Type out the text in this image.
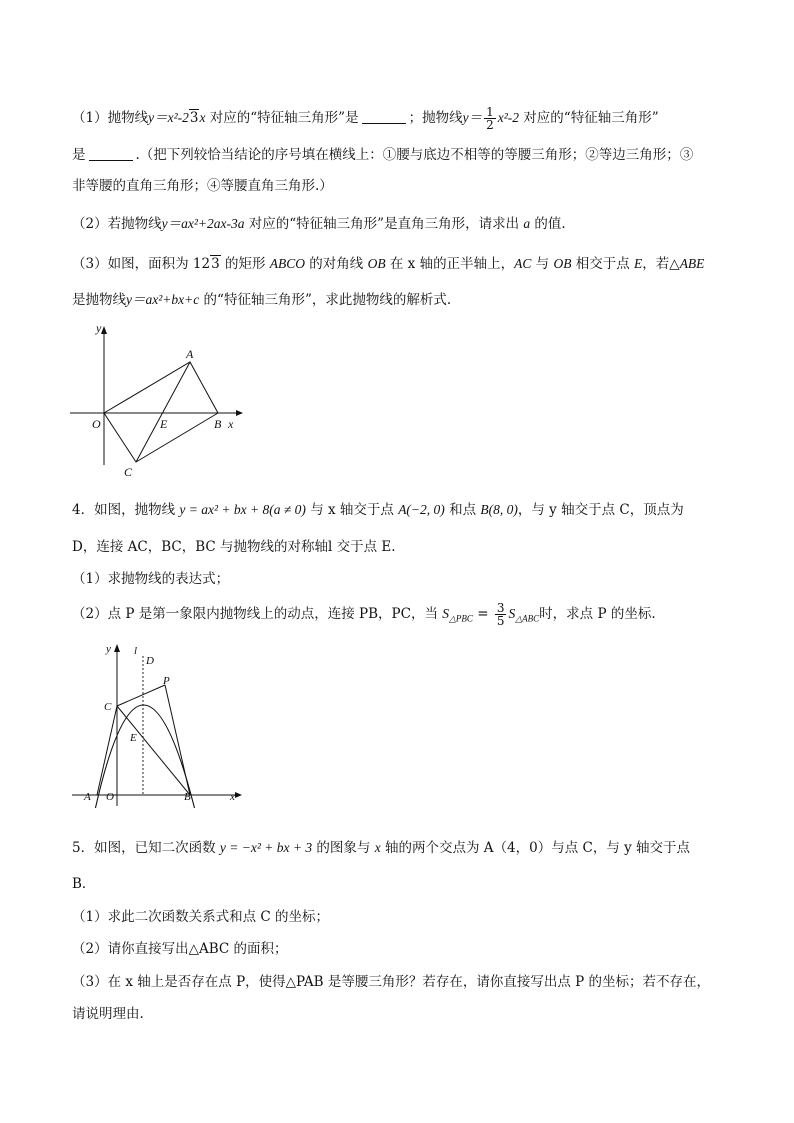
（1）抛物线y＝x²-23x 对应的“特征轴三角形”是	；抛物线$y= \frac{1}{2} x^2-2$ 对应的“特征轴三角形”
是	.（把下列较恰当结论的序号填在横线上：①腰与底边不相等的等腰三角形；②等边三角形；③
非等腰的直角三角形；④等腰直角三角形.）
（2）若抛物线y＝ax²+2ax-3a 对应的“特征轴三角形”是直角三角形，请求出 a 的值.
（3）如图，面积为 123 的矩形 ABCO 的对角线 OB 在 x 轴的正半轴上，AC 与 OB 相交于点 E，若△ABE
是抛物线y＝ax²+bx+c 的“特征轴三角形”，求此抛物线的解析式.
y
A
O	E	B x
C
4．如图，抛物线 y = ax² + bx + 8(a ≠ 0) 与 x 轴交于点 A(−2, 0) 和点 B(8, 0)，与 y 轴交于点 C，顶点为
D，连接 AC，BC，BC 与抛物线的对称轴l 交于点 E.
（1）求抛物线的表达式；
（2）点 P 是第一象限内抛物线上的动点，连接 PB，PC，当 $S_{\triangle PBC} = \frac{3}{5} S_{\triangle ABC}$时，求点 P 的坐标.
y l
D
P
C
E
A O	B	x
5．如图，已知二次函数 y = −x² + bx + 3 的图象与 x 轴的两个交点为 A（4，0）与点 C，与 y 轴交于点
B．
（1）求此二次函数关系式和点 C 的坐标；
（2）请你直接写出△ABC 的面积；
（3）在 x 轴上是否存在点 P，使得△PAB 是等腰三角形？若存在，请你直接写出点 P 的坐标；若不存在，
请说明理由.
